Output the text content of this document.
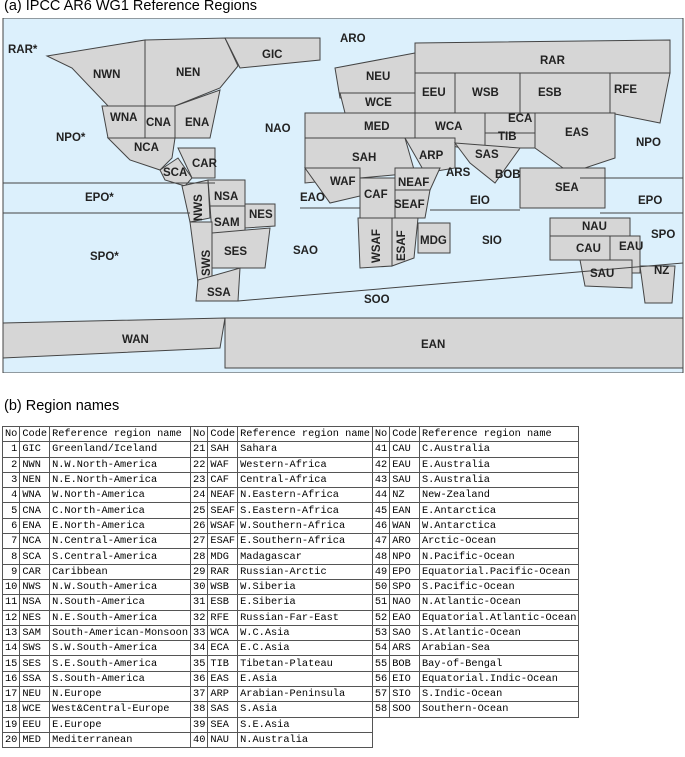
(a) IPCC AR6 WG1 Reference Regions
RAR*
ARO
GIC
NWN	NEN
RAR
NEU
WCE
EEU WSB	ESB	RFE
WNA CNA ENA	NAO	MED	WCA
ECA
TIB	EAS
NPO*
NCA
CAR
SCA
SAH	ARP	SAS
NPO
WAF	NEAF
ARS BOB
EPO*	NSA	EAO	CAF
SEAF	EIO
SEA
EPO
SAM
NES
NAU
SPO*	SES	SAO
MDG	SIO
CAU EAU
SPO
SAU	NZ
SSA
SOO
WAN	EAN
NWS
SWS	WSAF ESAF
(b) Region names
No	Code	Reference region name	No	Code	Reference region name	No	Code	Reference region name
1	GIC	Greenland/Iceland	21	SAH	Sahara	41	CAU	C.Australia
2	NWN	N.W.North-America	22	WAF	Western-Africa	42	EAU	E.Australia
3	NEN	N.E.North-America	23	CAF	Central-Africa	43	SAU	S.Australia
4	WNA	W.North-America	24	NEAF	N.Eastern-Africa	44	NZ	New-Zealand
5	CNA	C.North-America	25	SEAF	S.Eastern-Africa	45	EAN	E.Antarctica
6	ENA	E.North-America	26	WSAF	W.Southern-Africa	46	WAN	W.Antarctica
7	NCA	N.Central-America	27	ESAF	E.Southern-Africa	47	ARO	Arctic-Ocean
8	SCA	S.Central-America	28	MDG	Madagascar	48	NPO	N.Pacific-Ocean
9	CAR	Caribbean	29	RAR	Russian-Arctic	49	EPO	Equatorial.Pacific-Ocean
10	NWS	N.W.South-America	30	WSB	W.Siberia	50	SPO	S.Pacific-Ocean
11	NSA	N.South-America	31	ESB	E.Siberia	51	NAO	N.Atlantic-Ocean
12	NES	N.E.South-America	32	RFE	Russian-Far-East	52	EAO	Equatorial.Atlantic-Ocean
13	SAM	South-American-Monsoon	33	WCA	W.C.Asia	53	SAO	S.Atlantic-Ocean
14	SWS	S.W.South-America	34	ECA	E.C.Asia	54	ARS	Arabian-Sea
15	SES	S.E.South-America	35	TIB	Tibetan-Plateau	55	BOB	Bay-of-Bengal
16	SSA	S.South-America	36	EAS	E.Asia	56	EIO	Equatorial.Indic-Ocean
17	NEU	N.Europe	37	ARP	Arabian-Peninsula	57	SIO	S.Indic-Ocean
18	WCE	West&Central-Europe	38	SAS	S.Asia	58	SOO	Southern-Ocean
19	EEU	E.Europe	39	SEA	S.E.Asia			
20	MED	Mediterranean	40	NAU	N.Australia			
